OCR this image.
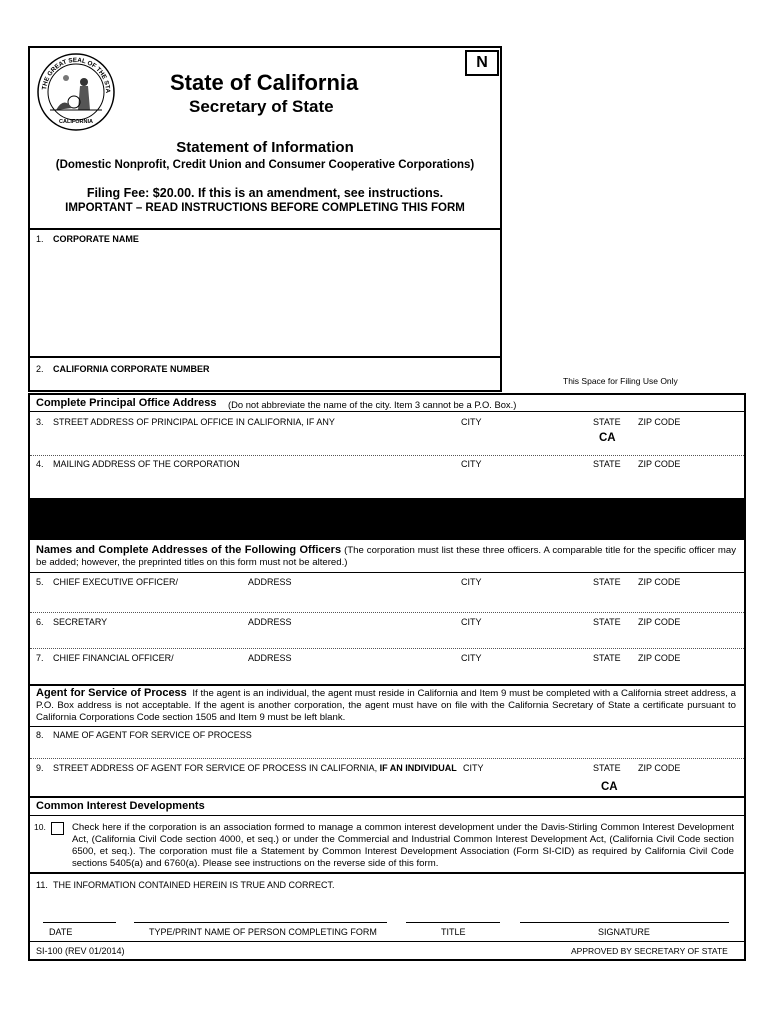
THE GREAT SEAL OF THE STA
CALIFORNIA
N
State of California
Secretary of State
Statement of Information
(Domestic Nonprofit, Credit Union and Consumer Cooperative Corporations)
Filing Fee: $20.00. If this is an amendment, see instructions.
IMPORTANT – READ INSTRUCTIONS BEFORE COMPLETING THIS FORM
1. CORPORATE NAME
2. CALIFORNIA CORPORATE NUMBER
This Space for Filing Use Only
Complete Principal Office Address (Do not abbreviate the name of the city. Item 3 cannot be a P.O. Box.)
3. STREET ADDRESS OF PRINCIPAL OFFICE IN CALIFORNIA, IF ANY	CITY	STATE ZIP CODE
CA
4. MAILING ADDRESS OF THE CORPORATION	CITY	STATE ZIP CODE
Names and Complete Addresses of the Following Officers (The corporation must list these three officers. A comparable title for the specific officer may be added; however, the preprinted titles on this form must not be altered.)
5. CHIEF EXECUTIVE OFFICER/	ADDRESS	CITY	STATE ZIP CODE
6. SECRETARY	ADDRESS	CITY	STATE ZIP CODE
7. CHIEF FINANCIAL OFFICER/	ADDRESS	CITY	STATE ZIP CODE
Agent for Service of Process If the agent is an individual, the agent must reside in California and Item 9 must be completed with a California street address, a P.O. Box address is not acceptable. If the agent is another corporation, the agent must have on file with the California Secretary of State a certificate pursuant to California Corporations Code section 1505 and Item 9 must be left blank.
8. NAME OF AGENT FOR SERVICE OF PROCESS
9. STREET ADDRESS OF AGENT FOR SERVICE OF PROCESS IN CALIFORNIA, IF AN INDIVIDUAL CITY	STATE ZIP CODE
CA
Common Interest Developments
10.	Check here if the corporation is an association formed to manage a common interest development under the Davis-Stirling Common Interest Development Act, (California Civil Code section 4000, et seq.) or under the Commercial and Industrial Common Interest Development Act, (California Civil Code section 6500, et seq.). The corporation must file a Statement by Common Interest Development Association (Form SI-CID) as required by California Civil Code sections 5405(a) and 6760(a). Please see instructions on the reverse side of this form.
11. THE INFORMATION CONTAINED HEREIN IS TRUE AND CORRECT.
DATE	TYPE/PRINT NAME OF PERSON COMPLETING FORM	TITLE	SIGNATURE
SI-100 (REV 01/2014)	APPROVED BY SECRETARY OF STATE
